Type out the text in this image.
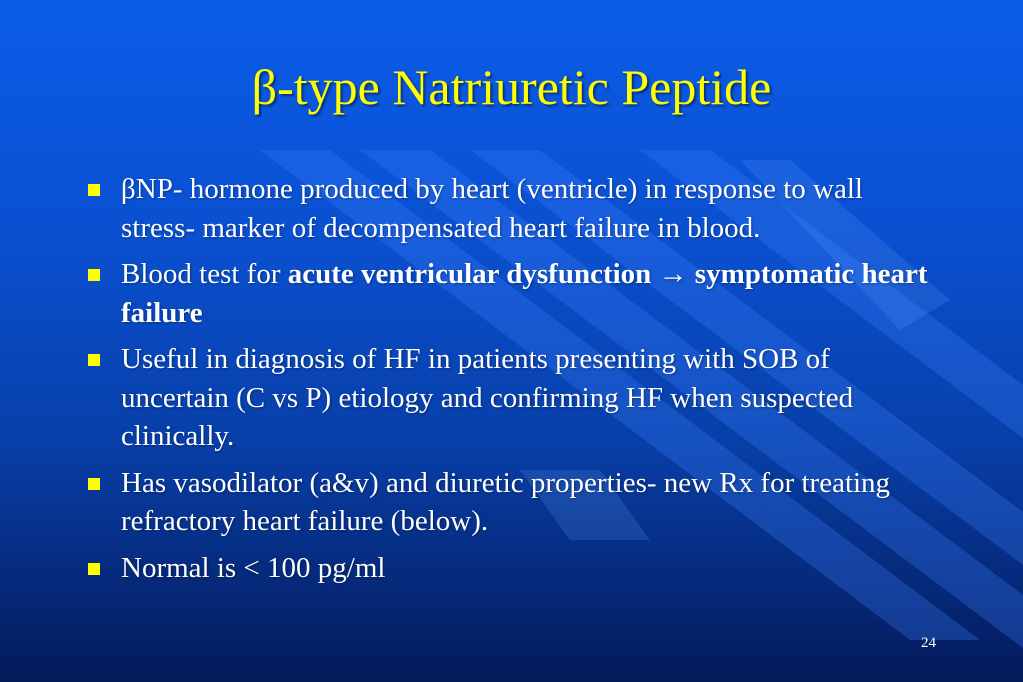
β-type Natriuretic Peptide
βNP- hormone produced by heart (ventricle) in response to wall stress- marker of decompensated heart failure in blood.
Blood test for acute ventricular dysfunction → symptomatic heart failure
Useful in diagnosis of HF in patients presenting with SOB of uncertain (C vs P) etiology and confirming HF when suspected clinically.
Has vasodilator (a&v) and diuretic properties- new Rx for treating refractory heart failure (below).
Normal is < 100 pg/ml
24
